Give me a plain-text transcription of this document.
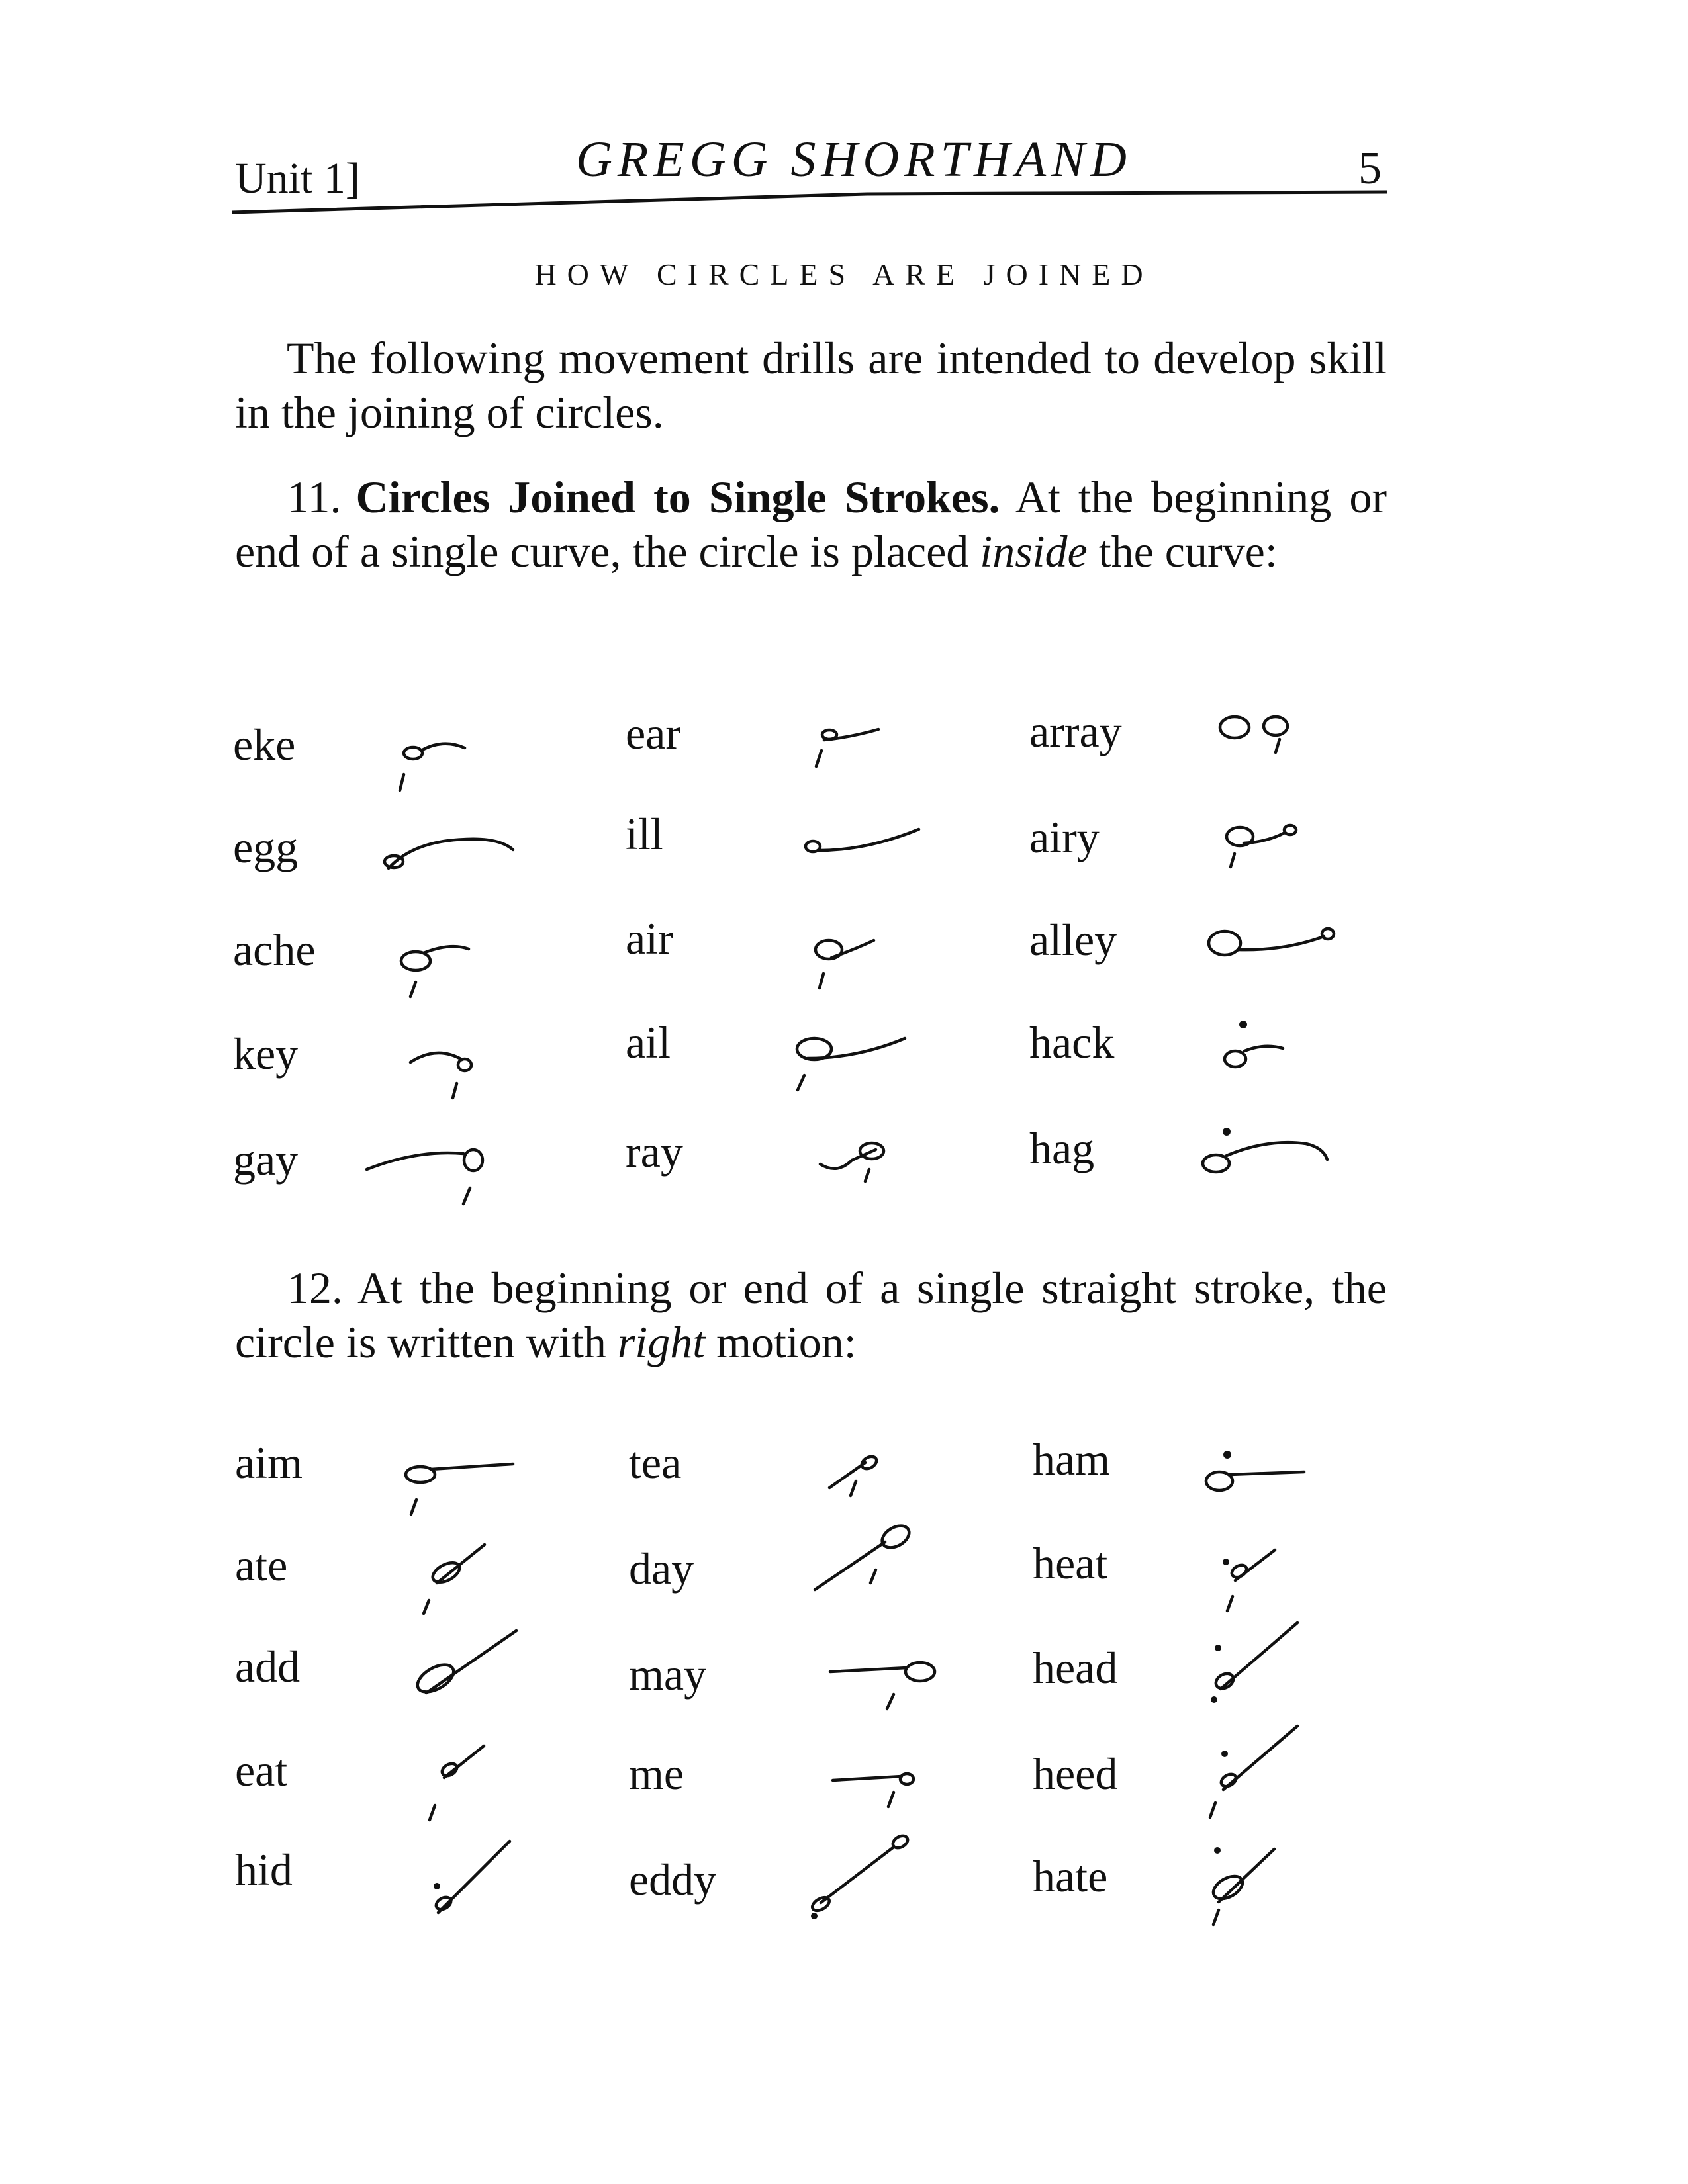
Unit 1]	GREGG SHORTHAND	5
HOW CIRCLES ARE JOINED

The following movement drills are intended to develop skill in the joining of circles.

11. Circles Joined to Single Strokes. At the beginning or end of a single curve, the circle is placed inside the curve:

eke
egg
ache
key
gay
ear
ill
air
ail
ray
array
airy
alley
hack
hag

12. At the beginning or end of a single straight stroke, the circle is written with right motion:

aim
ate
add
eat
hid
tea
day
may
me
eddy
ham
heat
head
heed
hate
